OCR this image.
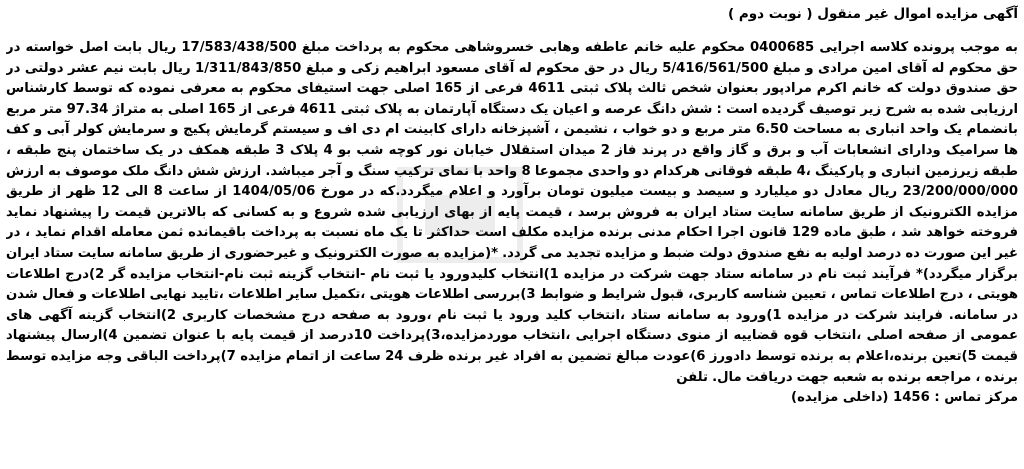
آگهی مزایده اموال غیر منقول ( نوبت دوم )

به موجب پرونده کلاسه اجرایی 0400685 محکوم علیه خانم عاطفه وهابی خسروشاهی محکوم به پرداخت مبلغ 17/583/438/500 ریال بابت اصل خواسته در حق محکوم له آقای امین مرادی و مبلغ 5/416/561/500 ریال در حق محکوم له آقای مسعود ابراهیم زکی و مبلغ 1/311/843/850 ریال بابت نیم عشر دولتی در حق صندوق دولت که خانم اکرم مرادپور بعنوان شخص ثالث پلاک ثبتی 4611 فرعی از 165 اصلی جهت استیفای محکوم به معرفی نموده که توسط کارشناس ارزیابی شده به شرح زیر توصیف گردیده است : شش دانگ عرصه و اعیان یک دستگاه آپارتمان به پلاک ثبتی 4611 فرعی از 165 اصلی به متراژ 97.34 متر مربع بانضمام یک واحد انباری به مساحت 6.50 متر مربع و دو خواب ، نشیمن ، آشپزخانه دارای کابینت ام دی اف و سیستم گرمایش پکیج و سرمایش کولر آبی و کف ها سرامیک ودارای انشعابات آب و برق و گاز واقع در پرند فاز 2 میدان استقلال خیابان نور کوچه شب بو 4 پلاک 3 طبقه همکف در یک ساختمان پنج طبقه ، طبقه زیرزمین انباری و پارکینگ ،4 طبقه فوقانی هرکدام دو واحدی مجموعا 8 واحد با نمای ترکیب سنگ و آجر میباشد. ارزش شش دانگ ملک موصوف به ارزش 23/200/000/000 ریال معادل دو میلیارد و سیصد و بیست میلیون تومان برآورد و اعلام میگردد.که در مورخ 1404/05/06 از ساعت 8 الی 12 ظهر از طریق مزایده الکترونیک از طریق سامانه سایت ستاد ایران به فروش برسد ، قیمت پایه از بهای ارزیابی شده شروع و به کسانی که بالاترین قیمت را پیشنهاد نماید فروخته خواهد شد ، طبق ماده 129 قانون اجرا احکام مدنی برنده مزایده مکلف است حداکثر تا یک ماه نسبت به پرداخت باقیمانده ثمن معامله اقدام نماید ، در غیر این صورت ده درصد اولیه به نفع صندوق دولت ضبط و مزایده تجدید می گردد. *(مزایده به صورت الکترونیک و غیرحضوری از طریق سامانه سایت ستاد ایران برگزار میگردد)* فرآیند ثبت نام در سامانه ستاد جهت شرکت در مزایده 1)انتخاب کلیدورود یا ثبت نام -انتخاب گزینه ثبت نام-انتخاب مزایده گر 2)درج اطلاعات هویتی ، درج اطلاعات تماس ، تعیین شناسه کاربری، قبول شرایط و ضوابط 3)بررسی اطلاعات هویتی ،تکمیل سایر اطلاعات ،تایید نهایی اطلاعات و فعال شدن در سامانه. فرایند شرکت در مزایده 1)ورود به سامانه ستاد ،انتخاب کلید ورود یا ثبت نام ،ورود به صفحه درج مشخصات کاربری 2)انتخاب گزینه آگهی های عمومی از صفحه اصلی ،انتخاب قوه قضاییه از منوی دستگاه اجرایی ،انتخاب موردمزایده،3)پرداخت 10درصد از قیمت پایه با عنوان تضمین 4)ارسال پیشنهاد قیمت 5)تعین برنده،اعلام به برنده توسط دادورز 6)عودت مبالغ تضمین به افراد غیر برنده ظرف 24 ساعت از اتمام مزایده 7)پرداخت الباقی وجه مزایده توسط برنده ، مراجعه برنده به شعبه جهت دریافت مال. تلفن

مرکز تماس : 1456 (داخلی مزایده)
